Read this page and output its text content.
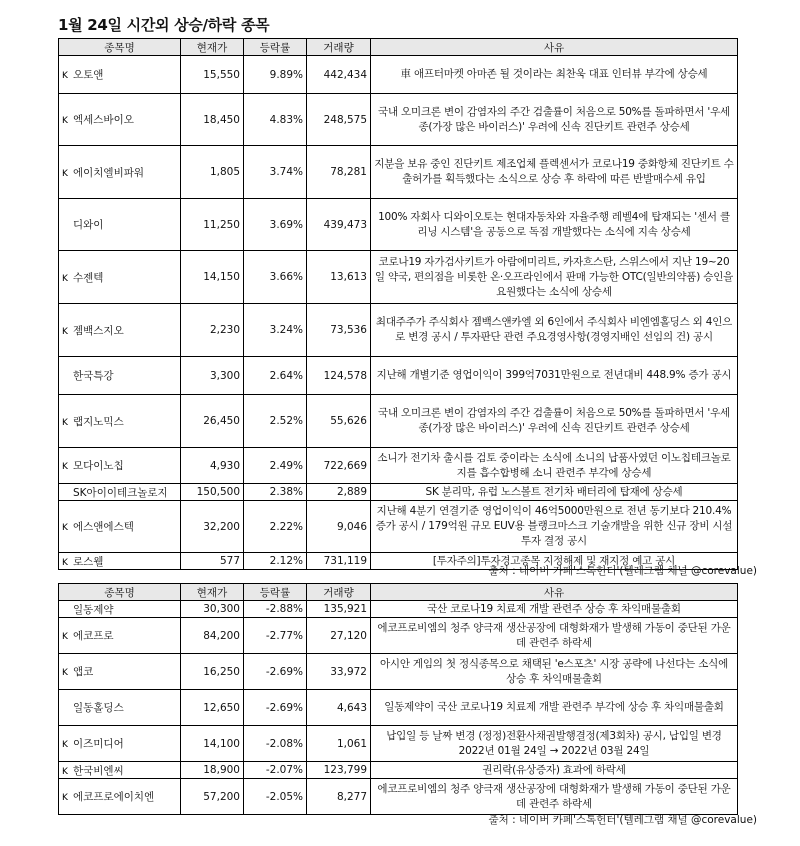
1월 24일 시간외 상승/하락 종목
종목명	현재가	등락률	거래량	사유
K 오토앤	15,550	9.89%	442,434	車 애프터마켓 아마존 될 것이라는 최찬욱 대표 인터뷰 부각에 상승세
K 엑세스바이오	18,450	4.83%	248,575	국내 오미크론 변이 감염자의 주간 검출률이 처음으로 50%를 돌파하면서 '우세종(가장 많은 바이러스)' 우려에 신속 진단키트 관련주 상승세
K 에이치엘비파워	1,805	3.74%	78,281	지분을 보유 중인 진단키트 제조업체 플렉센서가 코로나19 중화항체 진단키트 수출허가를 획득했다는 소식으로 상승 후 하락에 따른 반발매수세 유입
디와이	11,250	3.69%	439,473	100% 자회사 디와이오토는 현대자동차와 자율주행 레벨4에 탑재되는 '센서 클리닝 시스템'을 공동으로 독점 개발했다는 소식에 지속 상승세
K 수젠텍	14,150	3.66%	13,613	코로나19 자가검사키트가 아람에미리트, 카자흐스탄, 스위스에서 지난 19~20일 약국, 편의점을 비롯한 온·오프라인에서 판매 가능한 OTC(일반의약품) 승인을 요원했다는 소식에 상승세
K 젬백스지오	2,230	3.24%	73,536	최대주주가 주식회사 젬백스앤카엘 외 6인에서 주식회사 비엔엠홀딩스 외 4인으로 변경 공시 / 투자판단 관련 주요경영사항(경영지배인 선임의 건) 공시
한국특강	3,300	2.64%	124,578	지난해 개별기준 영업이익이 399억7031만원으로 전년대비 448.9% 증가 공시
K 랩지노믹스	26,450	2.52%	55,626	국내 오미크론 변이 감염자의 주간 검출률이 처음으로 50%를 돌파하면서 '우세종(가장 많은 바이러스)' 우려에 신속 진단키트 관련주 상승세
K 모다이노칩	4,930	2.49%	722,669	소니가 전기차 출시를 검토 중이라는 소식에 소니의 납품사였던 이노칩테크놀로지를 흡수합병해 소니 관련주 부각에 상승세
SK아이이테크놀로지	150,500	2.38%	2,889	SK 분리막, 유럽 노스볼트 전기차 배터리에 탑재에 상승세
K 에스앤에스텍	32,200	2.22%	9,046	지난해 4분기 연결기준 영업이익이 46억5000만원으로 전년 동기보다 210.4% 증가 공시 / 179억원 규모 EUV용 블랭크마스크 기술개발을 위한 신규 장비 시설 투자 결정 공시
K 로스웰	577	2.12%	731,119	[투자주의]투자경고종목 지정해제 및 재지정 예고 공시
출처 : 네이버 카페'스톡헌터'(텔레그램 채널 @corevalue)
종목명	현재가	등락률	거래량	사유
일동제약	30,300	-2.88%	135,921	국산 코로나19 치료제 개발 관련주 상승 후 차익매물출회
K 에코프로	84,200	-2.77%	27,120	에코프로비엠의 청주 양극재 생산공장에 대형화재가 발생해 가동이 중단된 가운데 관련주 하락세
K 앱코	16,250	-2.69%	33,972	아시안 게임의 첫 정식종목으로 채택된 'e스포츠' 시장 공략에 나선다는 소식에 상승 후 차익매물출회
일동홀딩스	12,650	-2.69%	4,643	일동제약이 국산 코로나19 치료제 개발 관련주 부각에 상승 후 차익매물출회
K 이즈미디어	14,100	-2.08%	1,061	납입일 등 날짜 변경 (정정)전환사채권발행결정(제3회차) 공시, 납입일 변경 2022년 01월 24일 → 2022년 03월 24일
K 한국비엔씨	18,900	-2.07%	123,799	권리락(유상증자) 효과에 하락세
K 에코프로에이치엔	57,200	-2.05%	8,277	에코프로비엠의 청주 양극재 생산공장에 대형화재가 발생해 가동이 중단된 가운데 관련주 하락세
출처 : 네이버 카페'스톡헌터'(텔레그램 채널 @corevalue)
